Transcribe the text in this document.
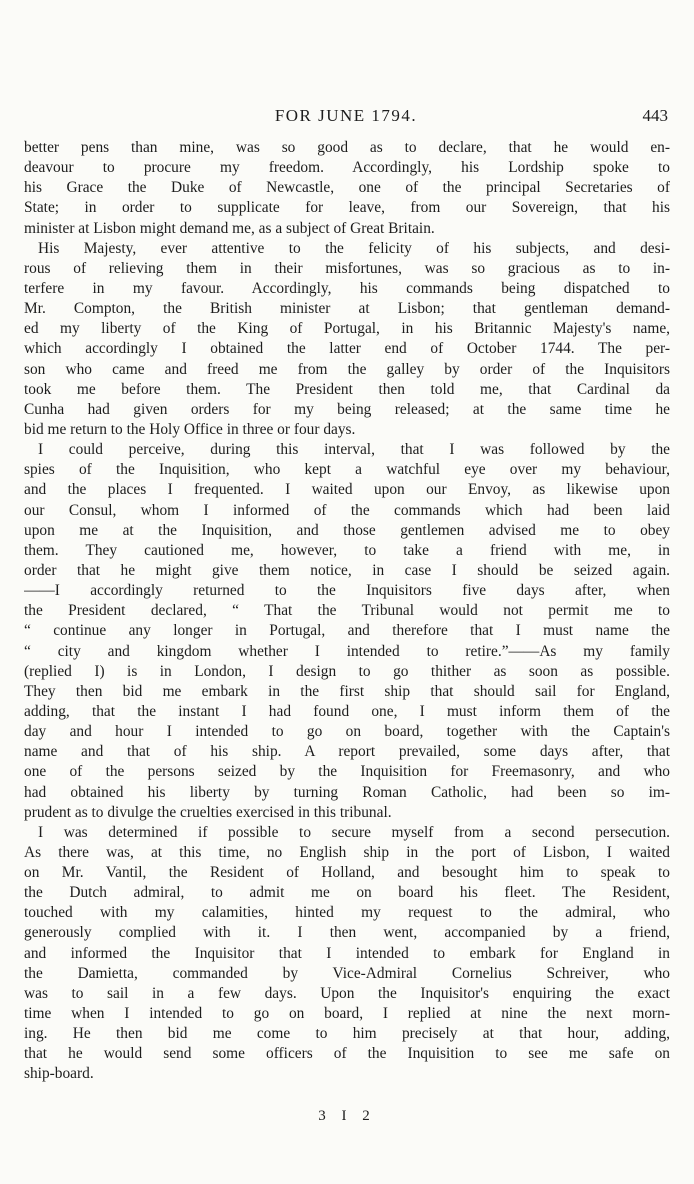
FOR JUNE 1794.	443
better pens than mine, was so good as to declare, that he would en-
deavour to procure my freedom. Accordingly, his Lordship spoke to
his Grace the Duke of Newcastle, one of the principal Secretaries of
State; in order to supplicate for leave, from our Sovereign, that his
minister at Lisbon might demand me, as a subject of Great Britain.
His Majesty, ever attentive to the felicity of his subjects, and desi-
rous of relieving them in their misfortunes, was so gracious as to in-
terfere in my favour. Accordingly, his commands being dispatched to
Mr. Compton, the British minister at Lisbon; that gentleman demand-
ed my liberty of the King of Portugal, in his Britannic Majesty's name,
which accordingly I obtained the latter end of October 1744. The per-
son who came and freed me from the galley by order of the Inquisitors
took me before them. The President then told me, that Cardinal da
Cunha had given orders for my being released; at the same time he
bid me return to the Holy Office in three or four days.
I could perceive, during this interval, that I was followed by the
spies of the Inquisition, who kept a watchful eye over my behaviour,
and the places I frequented. I waited upon our Envoy, as likewise upon
our Consul, whom I informed of the commands which had been laid
upon me at the Inquisition, and those gentlemen advised me to obey
them. They cautioned me, however, to take a friend with me, in
order that he might give them notice, in case I should be seized again.
——I accordingly returned to the Inquisitors five days after, when
the President declared, “ That the Tribunal would not permit me to
“ continue any longer in Portugal, and therefore that I must name the
“ city and kingdom whether I intended to retire.”——As my family
(replied I) is in London, I design to go thither as soon as possible.
They then bid me embark in the first ship that should sail for England,
adding, that the instant I had found one, I must inform them of the
day and hour I intended to go on board, together with the Captain's
name and that of his ship. A report prevailed, some days after, that
one of the persons seized by the Inquisition for Freemasonry, and who
had obtained his liberty by turning Roman Catholic, had been so im-
prudent as to divulge the cruelties exercised in this tribunal.
I was determined if possible to secure myself from a second persecution.
As there was, at this time, no English ship in the port of Lisbon, I waited
on Mr. Vantil, the Resident of Holland, and besought him to speak to
the Dutch admiral, to admit me on board his fleet. The Resident,
touched with my calamities, hinted my request to the admiral, who
generously complied with it. I then went, accompanied by a friend,
and informed the Inquisitor that I intended to embark for England in
the Damietta, commanded by Vice-Admiral Cornelius Schreiver, who
was to sail in a few days. Upon the Inquisitor's enquiring the exact
time when I intended to go on board, I replied at nine the next morn-
ing. He then bid me come to him precisely at that hour, adding,
that he would send some officers of the Inquisition to see me safe on
ship-board.
3 I 2
